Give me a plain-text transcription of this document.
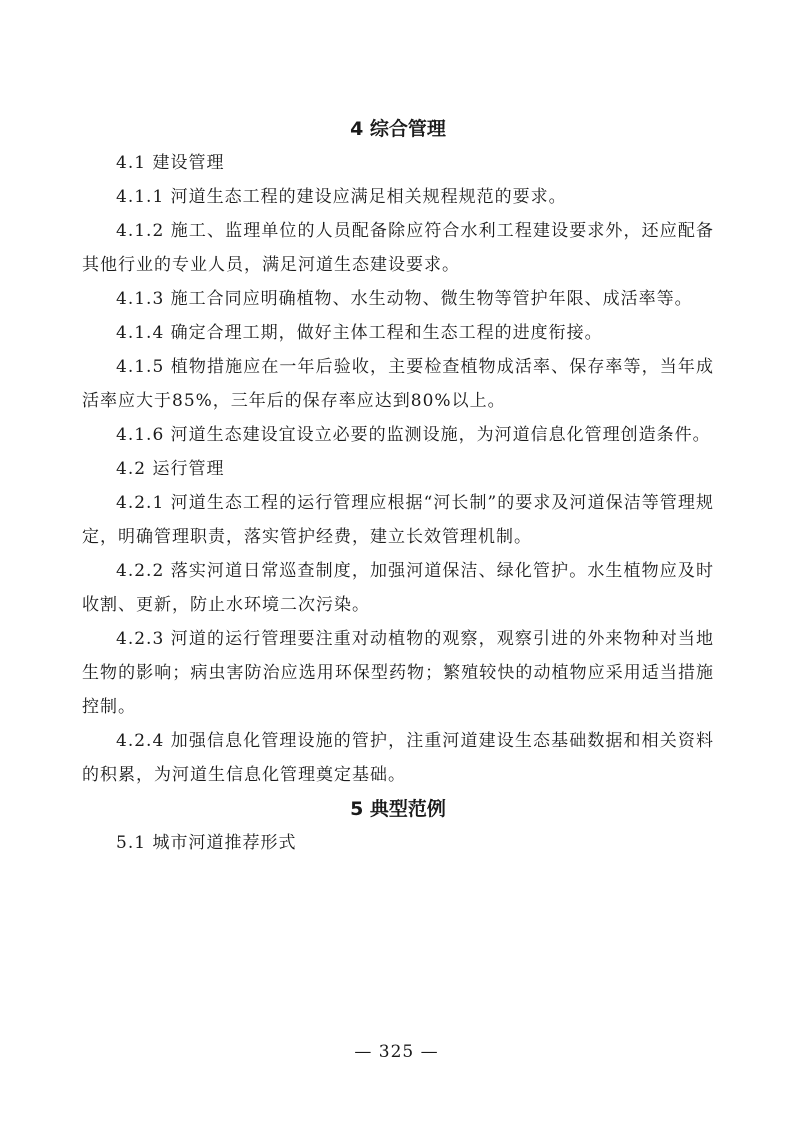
4 综合管理

4.1 建设管理

4.1.1 河道生态工程的建设应满足相关规程规范的要求。

4.1.2 施工、监理单位的人员配备除应符合水利工程建设要求外，还应配备其他行业的专业人员，满足河道生态建设要求。

4.1.3 施工合同应明确植物、水生动物、微生物等管护年限、成活率等。

4.1.4 确定合理工期，做好主体工程和生态工程的进度衔接。

4.1.5 植物措施应在一年后验收，主要检查植物成活率、保存率等，当年成活率应大于85%，三年后的保存率应达到80%以上。

4.1.6 河道生态建设宜设立必要的监测设施，为河道信息化管理创造条件。

4.2 运行管理

4.2.1 河道生态工程的运行管理应根据“河长制”的要求及河道保洁等管理规定，明确管理职责，落实管护经费，建立长效管理机制。

4.2.2 落实河道日常巡查制度，加强河道保洁、绿化管护。水生植物应及时收割、更新，防止水环境二次污染。

4.2.3 河道的运行管理要注重对动植物的观察，观察引进的外来物种对当地生物的影响；病虫害防治应选用环保型药物；繁殖较快的动植物应采用适当措施控制。

4.2.4 加强信息化管理设施的管护，注重河道建设生态基础数据和相关资料的积累，为河道生信息化管理奠定基础。

5 典型范例

5.1 城市河道推荐形式

— 325 —
